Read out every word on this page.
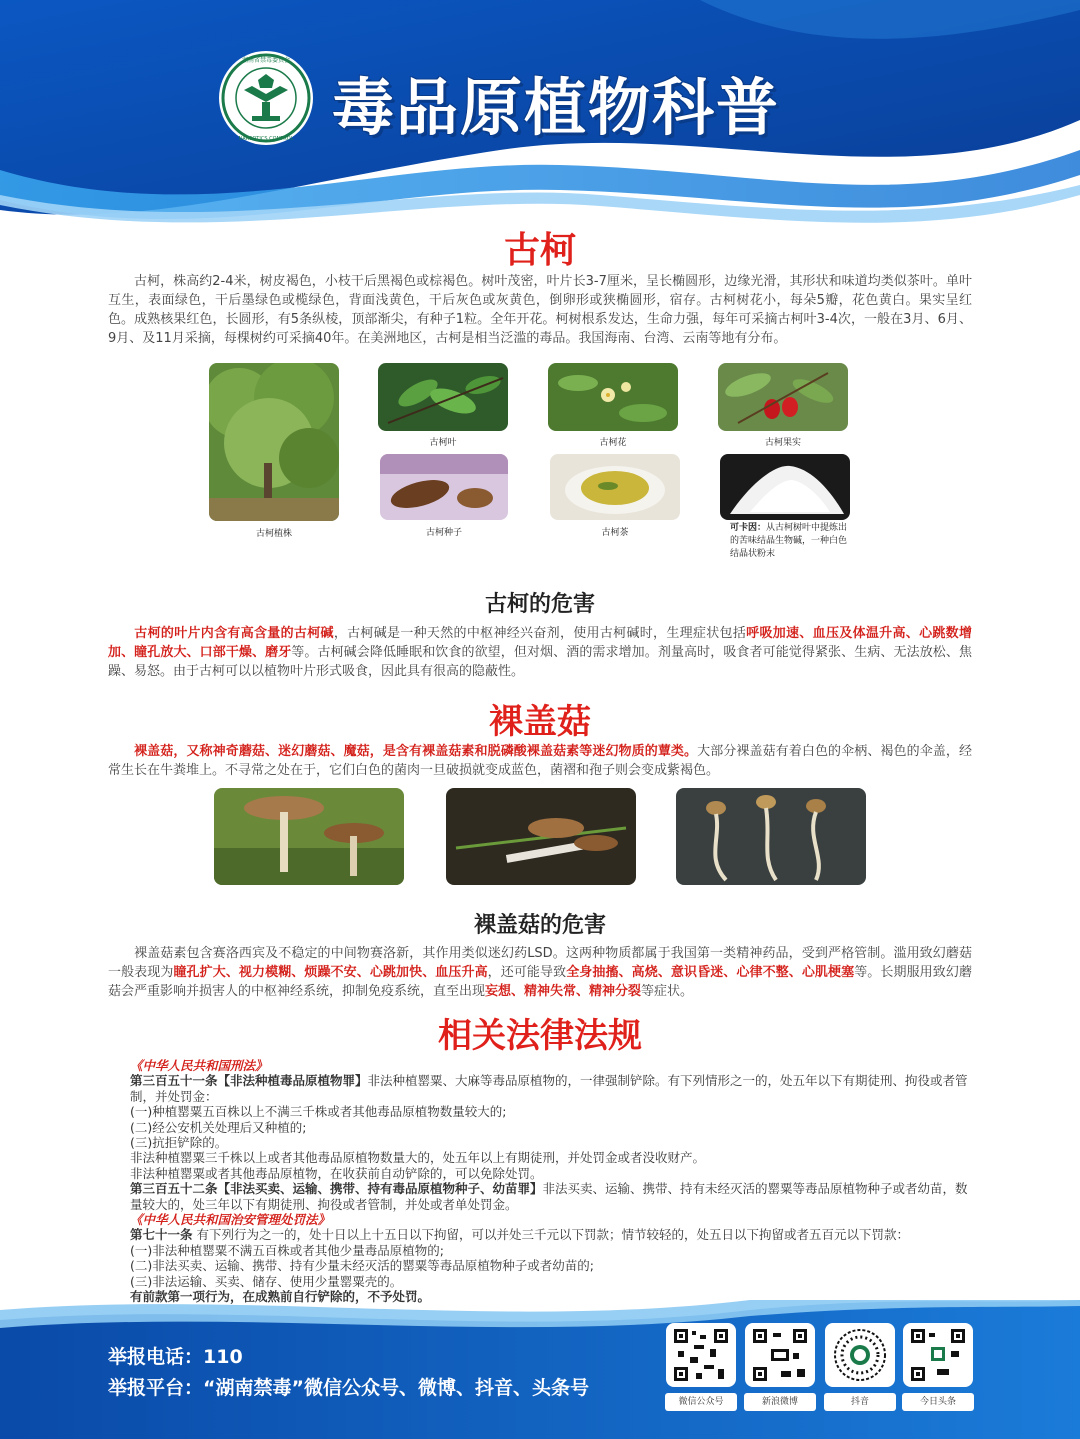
湖南省禁毒委员会
NARCOTICS CONTROL 毒品原植物科普
古柯
古柯，株高约2-4米，树皮褐色，小枝干后黑褐色或棕褐色。树叶茂密，叶片长3-7厘米，呈长椭圆形，边缘光滑，其形状和味道均类似茶叶。单叶互生，表面绿色，干后墨绿色或榄绿色，背面浅黄色，干后灰色或灰黄色，倒卵形或狭椭圆形，宿存。古柯树花小，每朵5瓣，花色黄白。果实呈红色。成熟核果红色，长圆形，有5条纵棱，顶部渐尖，有种子1粒。全年开花。柯树根系发达，生命力强，每年可采摘古柯叶3-4次，一般在3月、6月、9月、及11月采摘，每棵树约可采摘40年。在美洲地区，古柯是相当泛滥的毒品。我国海南、台湾、云南等地有分布。
古柯植株
古柯叶	古柯花	古柯果实
古柯种子	古柯茶	可卡因：从古柯树叶中提炼出的苦味结晶生物碱，一种白色结晶状粉末
古柯的危害
古柯的叶片内含有高含量的古柯碱，古柯碱是一种天然的中枢神经兴奋剂，使用古柯碱时，生理症状包括呼吸加速、血压及体温升高、心跳数增加、瞳孔放大、口部干燥、磨牙等。古柯碱会降低睡眠和饮食的欲望，但对烟、酒的需求增加。剂量高时，吸食者可能觉得紧张、生病、无法放松、焦躁、易怒。由于古柯可以以植物叶片形式吸食，因此具有很高的隐蔽性。
裸盖菇
裸盖菇，又称神奇蘑菇、迷幻蘑菇、魔菇，是含有裸盖菇素和脱磷酸裸盖菇素等迷幻物质的蕈类。大部分裸盖菇有着白色的伞柄、褐色的伞盖，经常生长在牛粪堆上。不寻常之处在于，它们白色的菌肉一旦破损就变成蓝色，菌褶和孢子则会变成紫褐色。
裸盖菇的危害
裸盖菇素包含赛洛西宾及不稳定的中间物赛洛新，其作用类似迷幻药LSD。这两种物质都属于我国第一类精神药品，受到严格管制。滥用致幻蘑菇一般表现为瞳孔扩大、视力模糊、烦躁不安、心跳加快、血压升高，还可能导致全身抽搐、高烧、意识昏迷、心律不整、心肌梗塞等。长期服用致幻蘑菇会严重影响并损害人的中枢神经系统，抑制免疫系统，直至出现妄想、精神失常、精神分裂等症状。
相关法律法规
《中华人民共和国刑法》
第三百五十一条【非法种植毒品原植物罪】非法种植罂粟、大麻等毒品原植物的，一律强制铲除。有下列情形之一的，处五年以下有期徒刑、拘役或者管制，并处罚金：
(一)种植罂粟五百株以上不满三千株或者其他毒品原植物数量较大的;
(二)经公安机关处理后又种植的;
(三)抗拒铲除的。
非法种植罂粟三千株以上或者其他毒品原植物数量大的，处五年以上有期徒刑，并处罚金或者没收财产。
非法种植罂粟或者其他毒品原植物，在收获前自动铲除的，可以免除处罚。
第三百五十二条【非法买卖、运输、携带、持有毒品原植物种子、幼苗罪】非法买卖、运输、携带、持有未经灭活的罂粟等毒品原植物种子或者幼苗，数量较大的，处三年以下有期徒刑、拘役或者管制，并处或者单处罚金。
《中华人民共和国治安管理处罚法》
第七十一条 有下列行为之一的，处十日以上十五日以下拘留，可以并处三千元以下罚款；情节较轻的，处五日以下拘留或者五百元以下罚款：
(一)非法种植罂粟不满五百株或者其他少量毒品原植物的;
(二)非法买卖、运输、携带、持有少量未经灭活的罂粟等毒品原植物种子或者幼苗的;
(三)非法运输、买卖、储存、使用少量罂粟壳的。
有前款第一项行为，在成熟前自行铲除的，不予处罚。
举报电话：110
举报平台：“湖南禁毒”微信公众号、微博、抖音、头条号
微信公众号	新浪微博	抖音	今日头条
